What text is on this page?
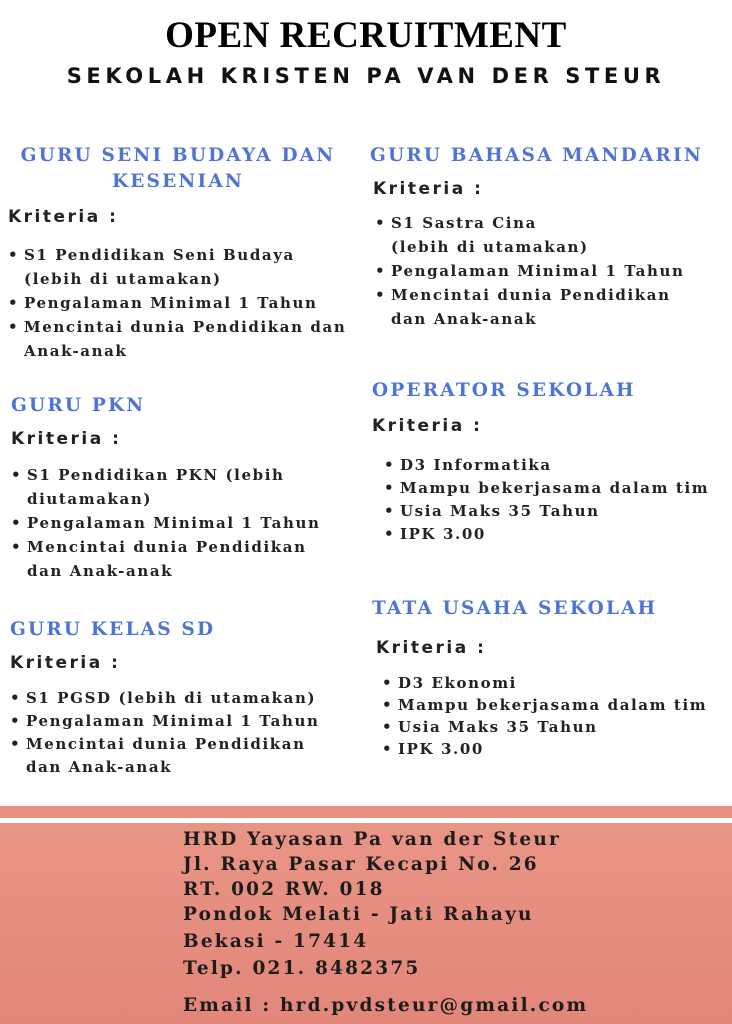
OPEN RECRUITMENT
SEKOLAH KRISTEN PA VAN DER STEUR
GURU SENI BUDAYA DAN KESENIAN
Kriteria :
• S1 Pendidikan Seni Budaya (lebih di utamakan)
• Pengalaman Minimal 1 Tahun
• Mencintai dunia Pendidikan dan Anak-anak
GURU PKN
Kriteria :
• S1 Pendidikan PKN (lebih diutamakan)
• Pengalaman Minimal 1 Tahun
• Mencintai dunia Pendidikan dan Anak-anak
GURU KELAS SD
Kriteria :
• S1 PGSD (lebih di utamakan)
• Pengalaman Minimal 1 Tahun
• Mencintai dunia Pendidikan dan Anak-anak
GURU BAHASA MANDARIN
Kriteria :
• S1 Sastra Cina (lebih di utamakan)
• Pengalaman Minimal 1 Tahun
• Mencintai dunia Pendidikan dan Anak-anak
OPERATOR SEKOLAH
Kriteria :
• D3 Informatika
• Mampu bekerjasama dalam tim
• Usia Maks 35 Tahun
• IPK 3.00
TATA USAHA SEKOLAH
Kriteria :
• D3 Ekonomi
• Mampu bekerjasama dalam tim
• Usia Maks 35 Tahun
• IPK 3.00
HRD Yayasan Pa van der Steur
Jl. Raya Pasar Kecapi No. 26
RT. 002 RW. 018
Pondok Melati - Jati Rahayu
Bekasi - 17414
Telp. 021. 8482375
Email : hrd.pvdsteur@gmail.com
